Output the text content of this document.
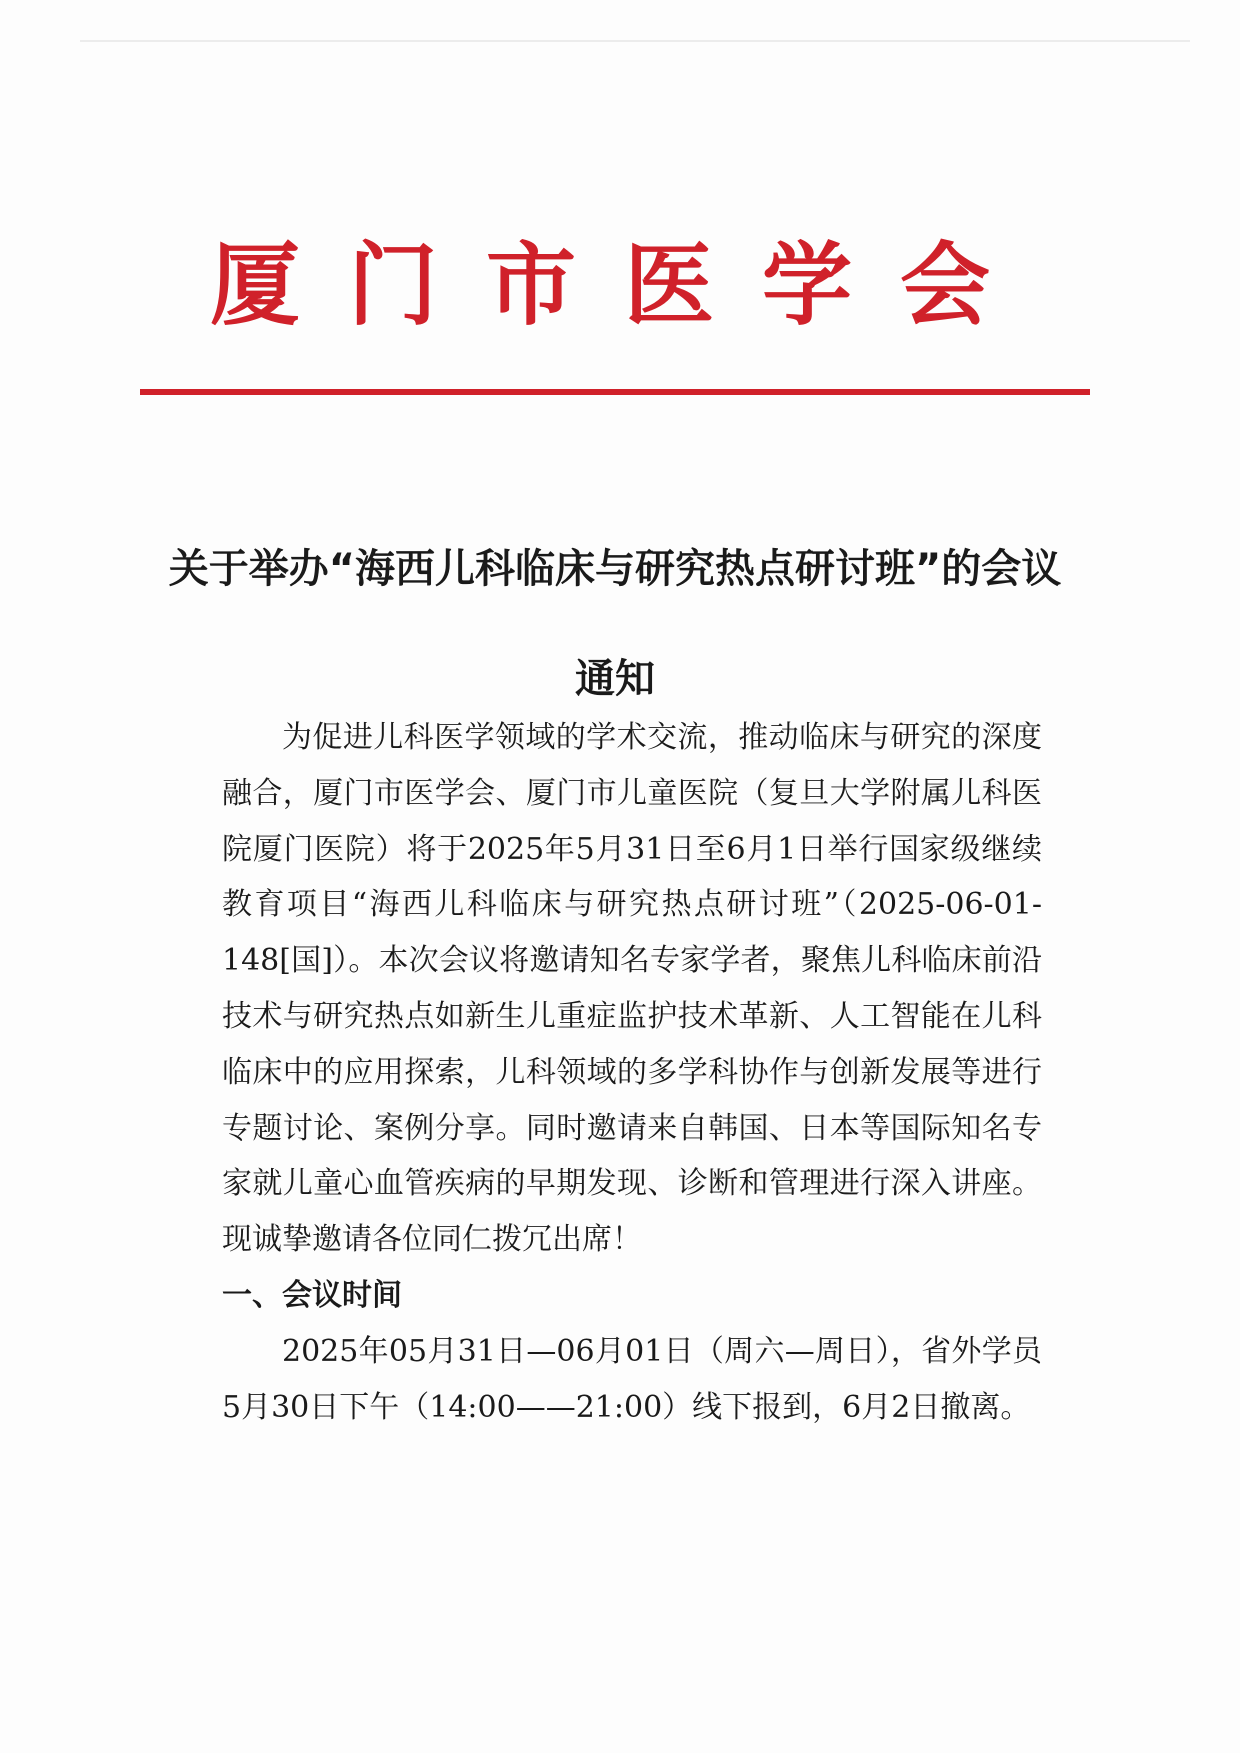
厦门市医学会
关于举办“海西儿科临床与研究热点研讨班”的会议通知

为促进儿科医学领域的学术交流，推动临床与研究的深度融合，厦门市医学会、厦门市儿童医院（复旦大学附属儿科医院厦门医院）将于2025年5月31日至6月1日举行国家级继续教育项目“海西儿科临床与研究热点研讨班”（2025-06-01-148[国]）。本次会议将邀请知名专家学者，聚焦儿科临床前沿技术与研究热点如新生儿重症监护技术革新、人工智能在儿科临床中的应用探索，儿科领域的多学科协作与创新发展等进行专题讨论、案例分享。同时邀请来自韩国、日本等国际知名专家就儿童心血管疾病的早期发现、诊断和管理进行深入讲座。现诚挚邀请各位同仁拨冗出席！

一、会议时间

2025年05月31日—06月01日（周六—周日），省外学员5月30日下午（14:00——21:00）线下报到，6月2日撤离。
